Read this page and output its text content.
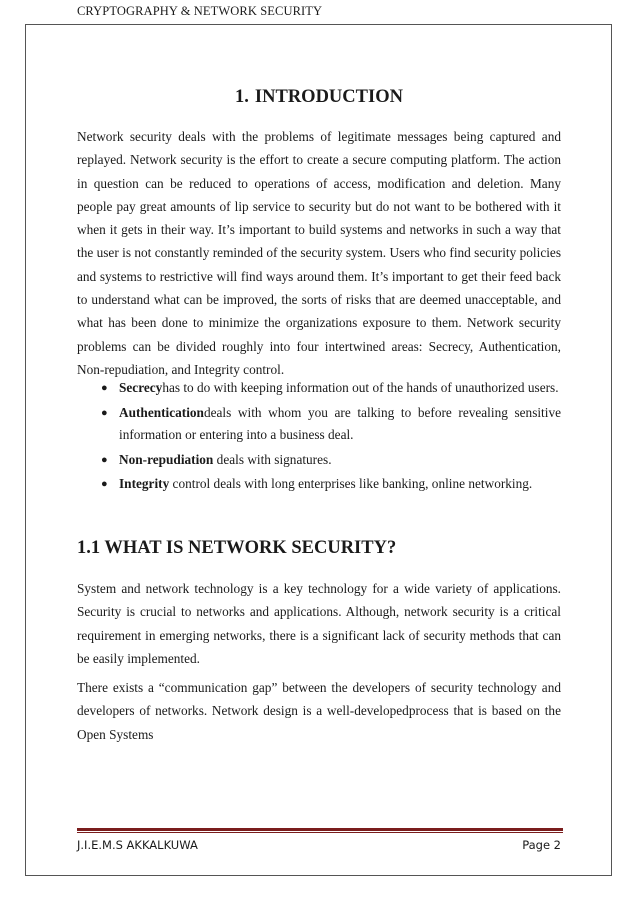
CRYPTOGRAPHY & NETWORK SECURITY
1. INTRODUCTION

Network security deals with the problems of legitimate messages being captured and replayed. Network security is the effort to create a secure computing platform. The action in question can be reduced to operations of access, modification and deletion. Many people pay great amounts of lip service to security but do not want to be bothered with it when it gets in their way. It’s important to build systems and networks in such a way that the user is not constantly reminded of the security system. Users who find security policies and systems to restrictive will find ways around them. It’s important to get their feed back to understand what can be improved, the sorts of risks that are deemed unacceptable, and what has been done to minimize the organizations exposure to them. Network security problems can be divided roughly into four intertwined areas: Secrecy, Authentication, Non-repudiation, and Integrity control.

● Secrecyhas to do with keeping information out of the hands of unauthorized users.
● Authenticationdeals with whom you are talking to before revealing sensitive information or entering into a business deal.
● Non-repudiation deals with signatures.
● Integrity control deals with long enterprises like banking, online networking.
1.1 WHAT IS NETWORK SECURITY?

System and network technology is a key technology for a wide variety of applications. Security is crucial to networks and applications. Although, network security is a critical requirement in emerging networks, there is a significant lack of security methods that can be easily implemented.

There exists a “communication gap” between the developers of security technology and developers of networks. Network design is a well-developedprocess that is based on the Open Systems

J.I.E.M.S AKKALKUWA	Page 2
